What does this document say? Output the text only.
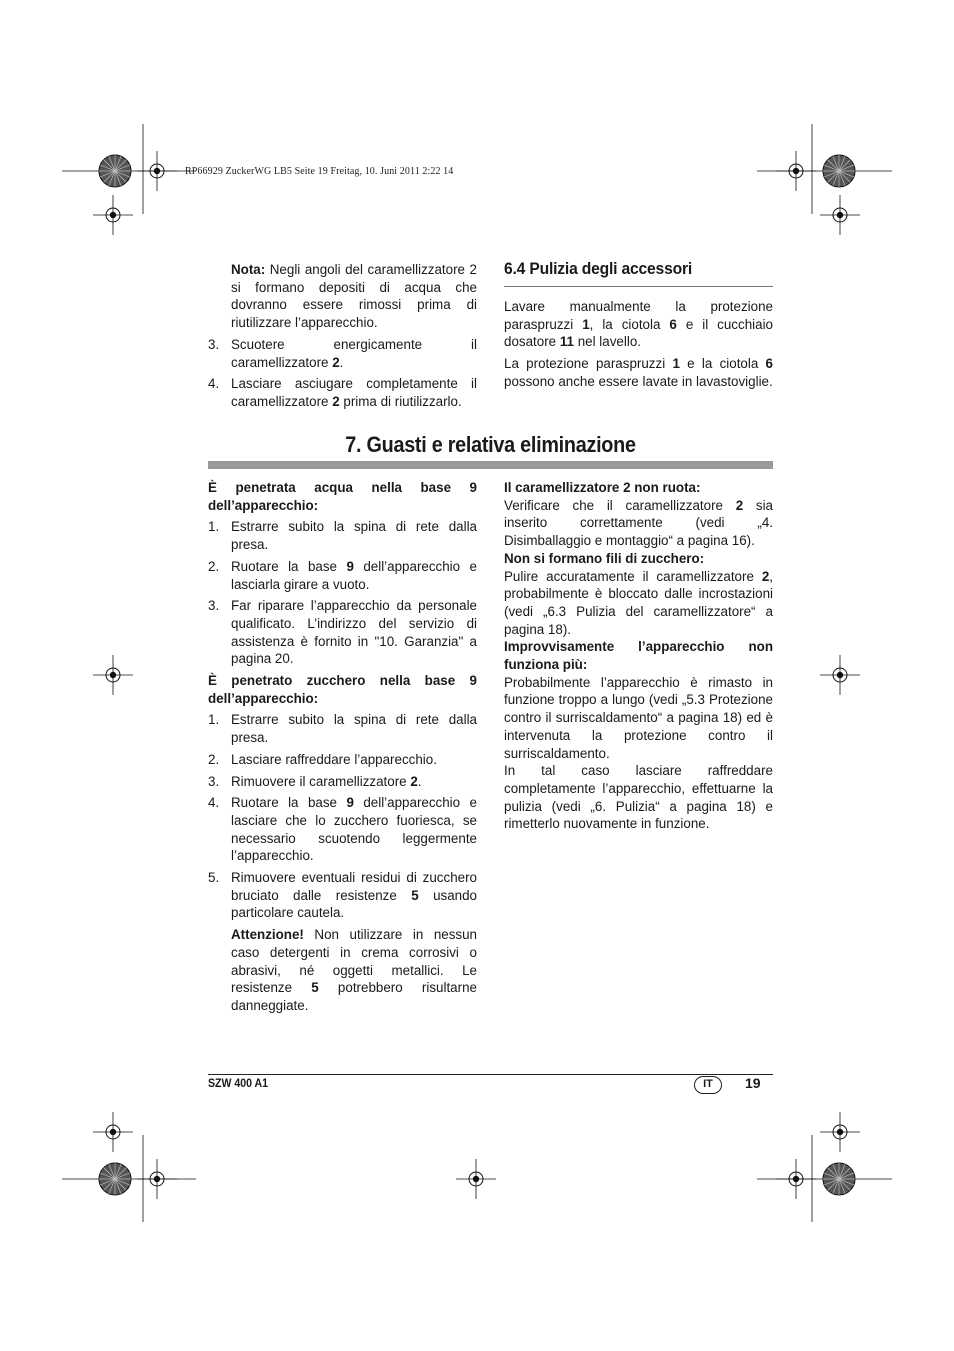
RP66929 ZuckerWG LB5 Seite 19 Freitag, 10. Juni 2011 2:22 14

Nota: Negli angoli del caramellizzatore 2 si formano depositi di acqua che dovranno essere rimossi prima di riutilizzare l’apparecchio.

3. Scuotere energicamente il caramellizzatore 2.

4. Lasciare asciugare completamente il caramellizzatore 2 prima di riutilizzarlo.

6.4 Pulizia degli accessori

Lavare manualmente la protezione paraspruzzi 1, la ciotola 6 e il cucchiaio dosatore 11 nel lavello.

La protezione paraspruzzi 1 e la ciotola 6 possono anche essere lavate in lavastoviglie.

7. Guasti e relativa eliminazione

È penetrata acqua nella base 9 dell’apparecchio:

1. Estrarre subito la spina di rete dalla presa.

2. Ruotare la base 9 dell’apparecchio e lasciarla girare a vuoto.

3. Far riparare l’apparecchio da personale qualificato. L’indirizzo del servizio di assistenza è fornito in "10. Garanzia" a pagina 20.

È penetrato zucchero nella base 9 dell’apparecchio:

1. Estrarre subito la spina di rete dalla presa.

2. Lasciare raffreddare l’apparecchio.

3. Rimuovere il caramellizzatore 2.

4. Ruotare la base 9 dell’apparecchio e lasciare che lo zucchero fuoriesca, se necessario scuotendo leggermente l’apparecchio.

5. Rimuovere eventuali residui di zucchero bruciato dalle resistenze 5 usando particolare cautela.

Attenzione! Non utilizzare in nessun caso detergenti in crema corrosivi o abrasivi, né oggetti metallici. Le resistenze 5 potrebbero risultarne danneggiate.

Il caramellizzatore 2 non ruota:

Verificare che il caramellizzatore 2 sia inserito correttamente (vedi „4. Disimballaggio e montaggio“ a pagina 16).

Non si formano fili di zucchero:

Pulire accuratamente il caramellizzatore 2, probabilmente è bloccato dalle incrostazioni (vedi „6.3 Pulizia del caramellizzatore“ a pagina 18).

Improvvisamente l’apparecchio non funziona più:

Probabilmente l’apparecchio è rimasto in funzione troppo a lungo (vedi „5.3 Protezione contro il surriscaldamento“ a pagina 18) ed è intervenuta la protezione contro il surriscaldamento.

In tal caso lasciare raffreddare completamente l’apparecchio, effettuarne la pulizia (vedi „6. Pulizia“ a pagina 18) e rimetterlo nuovamente in funzione.

SZW 400 A1	IT	19
